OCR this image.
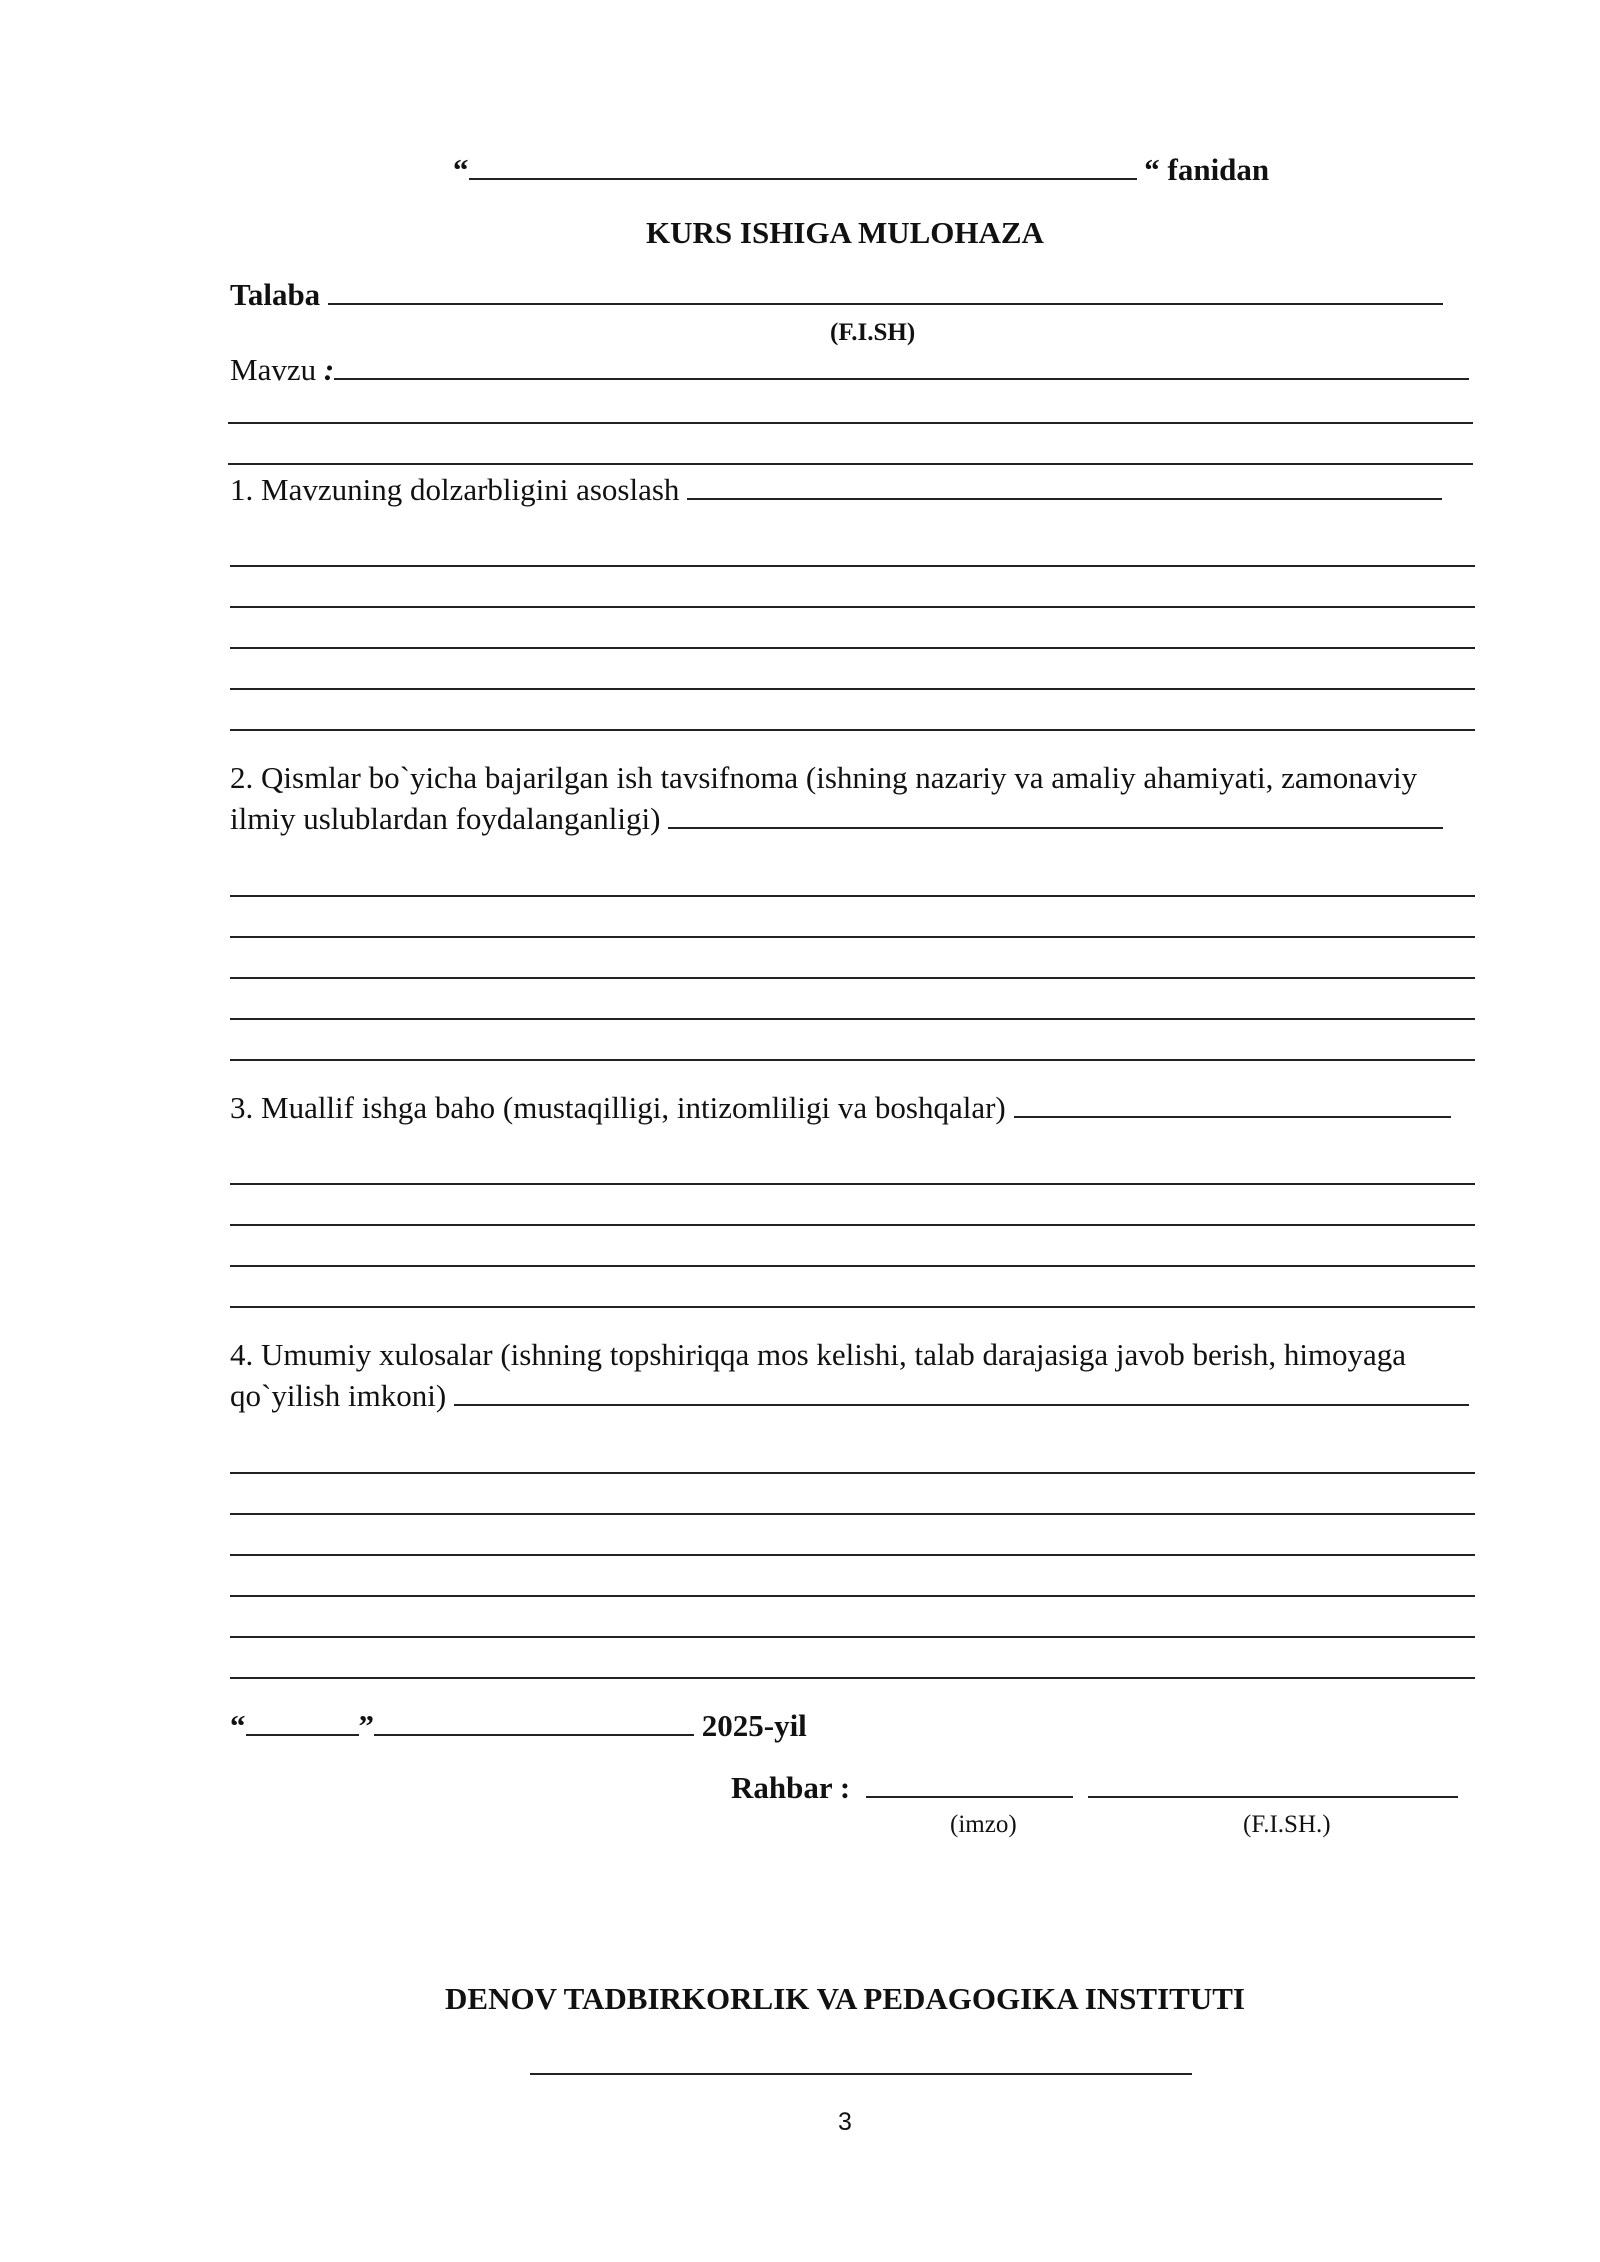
“	“ fanidan
KURS ISHIGA MULOHAZA
Talaba
(F.I.SH)
Mavzu :
1. Mavzuning dolzarbligini asoslash
2. Qismlar bo`yicha bajarilgan ish tavsifnoma (ishning nazariy va amaliy ahamiyati, zamonaviy
ilmiy uslublardan foydalanganligi)
3. Muallif ishga baho (mustaqilligi, intizomliligi va boshqalar)
4. Umumiy xulosalar (ishning topshiriqqa mos kelishi, talab darajasiga javob berish, himoyaga
qo`yilish imkoni)
“	”	2025-yil
Rahbar :
(imzo)	(F.I.SH.)
DENOV TADBIRKORLIK VA PEDAGOGIKA INSTITUTI
3
